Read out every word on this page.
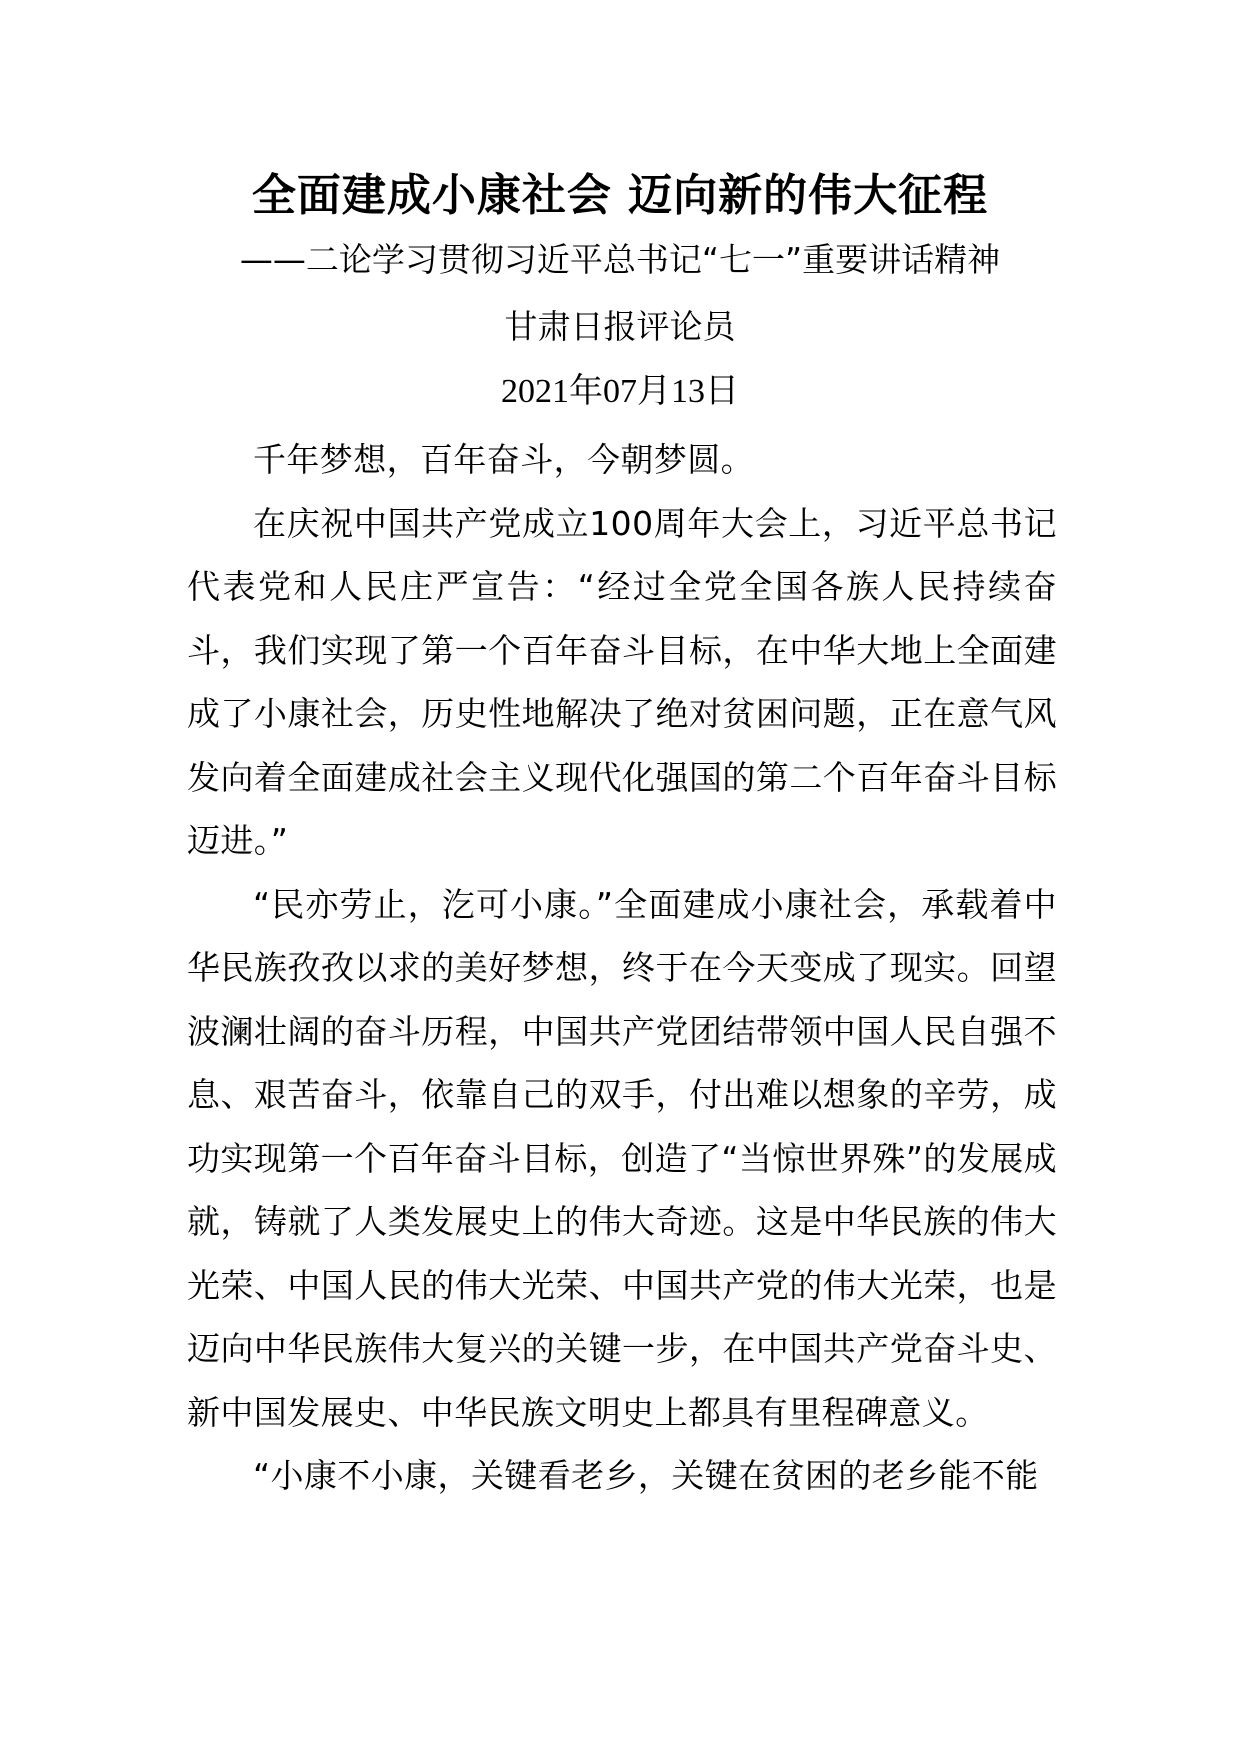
全面建成小康社会 迈向新的伟大征程
——二论学习贯彻习近平总书记“七一”重要讲话精神
甘肃日报评论员
2021年07月13日

千年梦想，百年奋斗，今朝梦圆。

在庆祝中国共产党成立100周年大会上，习近平总书记代表党和人民庄严宣告：“经过全党全国各族人民持续奋斗，我们实现了第一个百年奋斗目标，在中华大地上全面建成了小康社会，历史性地解决了绝对贫困问题，正在意气风发向着全面建成社会主义现代化强国的第二个百年奋斗目标迈进。”

“民亦劳止，汔可小康。”全面建成小康社会，承载着中华民族孜孜以求的美好梦想，终于在今天变成了现实。回望波澜壮阔的奋斗历程，中国共产党团结带领中国人民自强不息、艰苦奋斗，依靠自己的双手，付出难以想象的辛劳，成功实现第一个百年奋斗目标，创造了“当惊世界殊”的发展成就，铸就了人类发展史上的伟大奇迹。这是中华民族的伟大光荣、中国人民的伟大光荣、中国共产党的伟大光荣，也是迈向中华民族伟大复兴的关键一步，在中国共产党奋斗史、新中国发展史、中华民族文明史上都具有里程碑意义。

“小康不小康，关键看老乡，关键在贫困的老乡能不能
